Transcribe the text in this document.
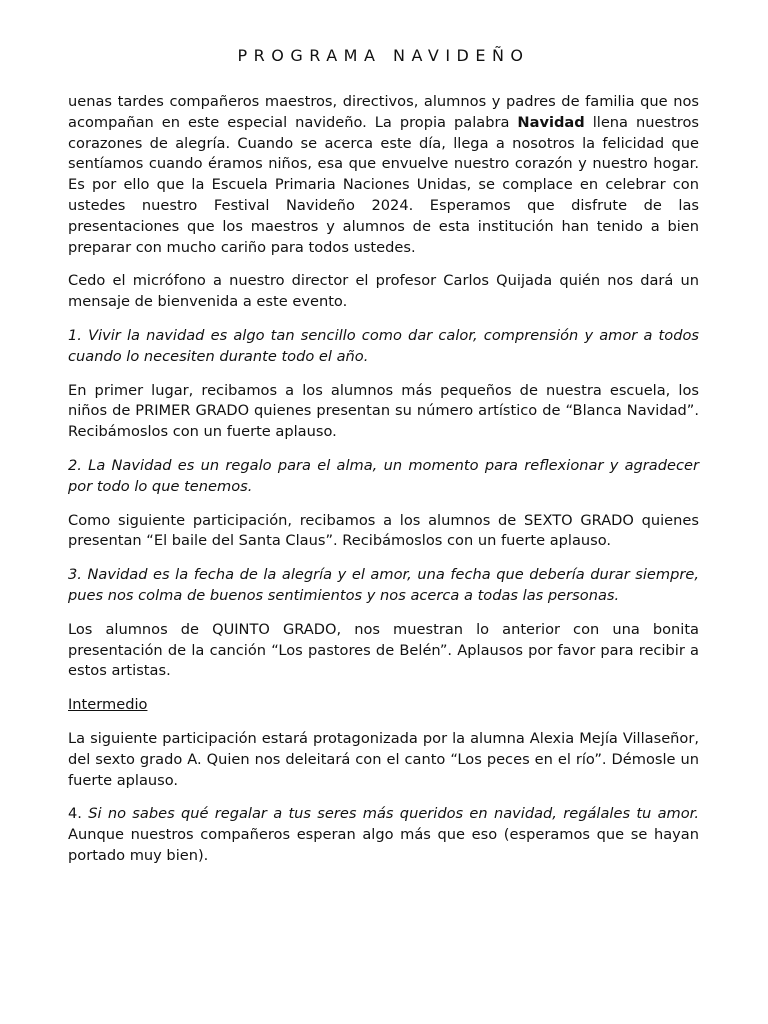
PROGRAMA NAVIDEÑO

uenas tardes compañeros maestros, directivos, alumnos y padres de familia que nos acompañan en este especial navideño. La propia palabra Navidad llena nuestros corazones de alegría. Cuando se acerca este día, llega a nosotros la felicidad que sentíamos cuando éramos niños, esa que envuelve nuestro corazón y nuestro hogar. Es por ello que la Escuela Primaria Naciones Unidas, se complace en celebrar con ustedes nuestro Festival Navideño 2024. Esperamos que disfrute de las presentaciones que los maestros y alumnos de esta institución han tenido a bien preparar con mucho cariño para todos ustedes.

Cedo el micrófono a nuestro director el profesor Carlos Quijada quién nos dará un mensaje de bienvenida a este evento.

1. Vivir la navidad es algo tan sencillo como dar calor, comprensión y amor a todos cuando lo necesiten durante todo el año.

En primer lugar, recibamos a los alumnos más pequeños de nuestra escuela, los niños de PRIMER GRADO quienes presentan su número artístico de “Blanca Navidad”. Recibámoslos con un fuerte aplauso.

2. La Navidad es un regalo para el alma, un momento para reflexionar y agradecer por todo lo que tenemos.

Como siguiente participación, recibamos a los alumnos de SEXTO GRADO quienes presentan “El baile del Santa Claus”. Recibámoslos con un fuerte aplauso.

3. Navidad es la fecha de la alegría y el amor, una fecha que debería durar siempre, pues nos colma de buenos sentimientos y nos acerca a todas las personas.

Los alumnos de QUINTO GRADO, nos muestran lo anterior con una bonita presentación de la canción “Los pastores de Belén”. Aplausos por favor para recibir a estos artistas.

Intermedio

La siguiente participación estará protagonizada por la alumna Alexia Mejía Villaseñor, del sexto grado A. Quien nos deleitará con el canto “Los peces en el río”. Démosle un fuerte aplauso.

4. Si no sabes qué regalar a tus seres más queridos en navidad, regálales tu amor. Aunque nuestros compañeros esperan algo más que eso (esperamos que se hayan portado muy bien).
